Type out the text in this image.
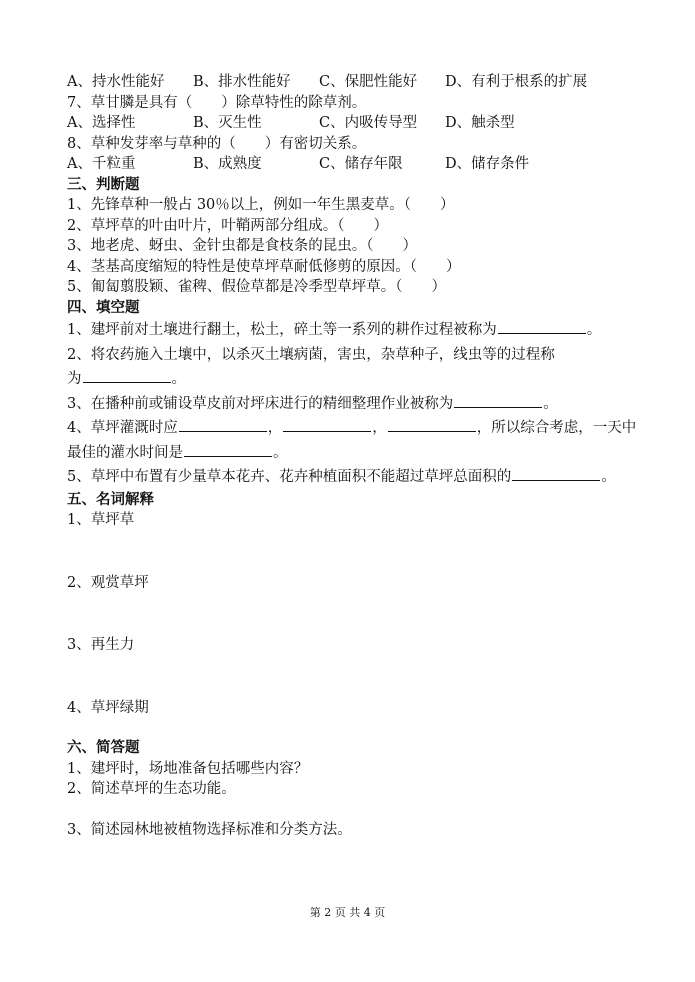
A、持水性能好 B、排水性能好 C、保肥性能好 D、有利于根系的扩展
7、草甘膦是具有（　　）除草特性的除草剂。
A、选择性	B、灭生性	C、内吸传导型 D、触杀型
8、草种发芽率与草种的（　　）有密切关系。
A、千粒重	B、成熟度	C、储存年限	D、储存条件
三、判断题
1、先锋草种一般占 30％以上，例如一年生黑麦草。（　　）
2、草坪草的叶由叶片，叶鞘两部分组成。（　　）
3、地老虎、蚜虫、金针虫都是食枝条的昆虫。（　　）
4、茎基高度缩短的特性是使草坪草耐低修剪的原因。（　　）
5、匍匐翦股颖、雀稗、假俭草都是冷季型草坪草。（　　）
四、填空题
1、建坪前对土壤进行翻土，松土，碎土等一系列的耕作过程被称为	。
2、将农药施入土壤中，以杀灭土壤病菌，害虫，杂草种子，线虫等的过程称
为	。
3、在播种前或铺设草皮前对坪床进行的精细整理作业被称为	。
4、草坪灌溉时应	，	，	，所以综合考虑，一天中
最佳的灌水时间是	。
5、草坪中布置有少量草本花卉、花卉种植面积不能超过草坪总面积的	。
五、名词解释
1、草坪草
2、观赏草坪
3、再生力
4、草坪绿期
六、简答题
1、建坪时，场地准备包括哪些内容？
2、简述草坪的生态功能。
3、简述园林地被植物选择标准和分类方法。
第 2 页 共 4 页
